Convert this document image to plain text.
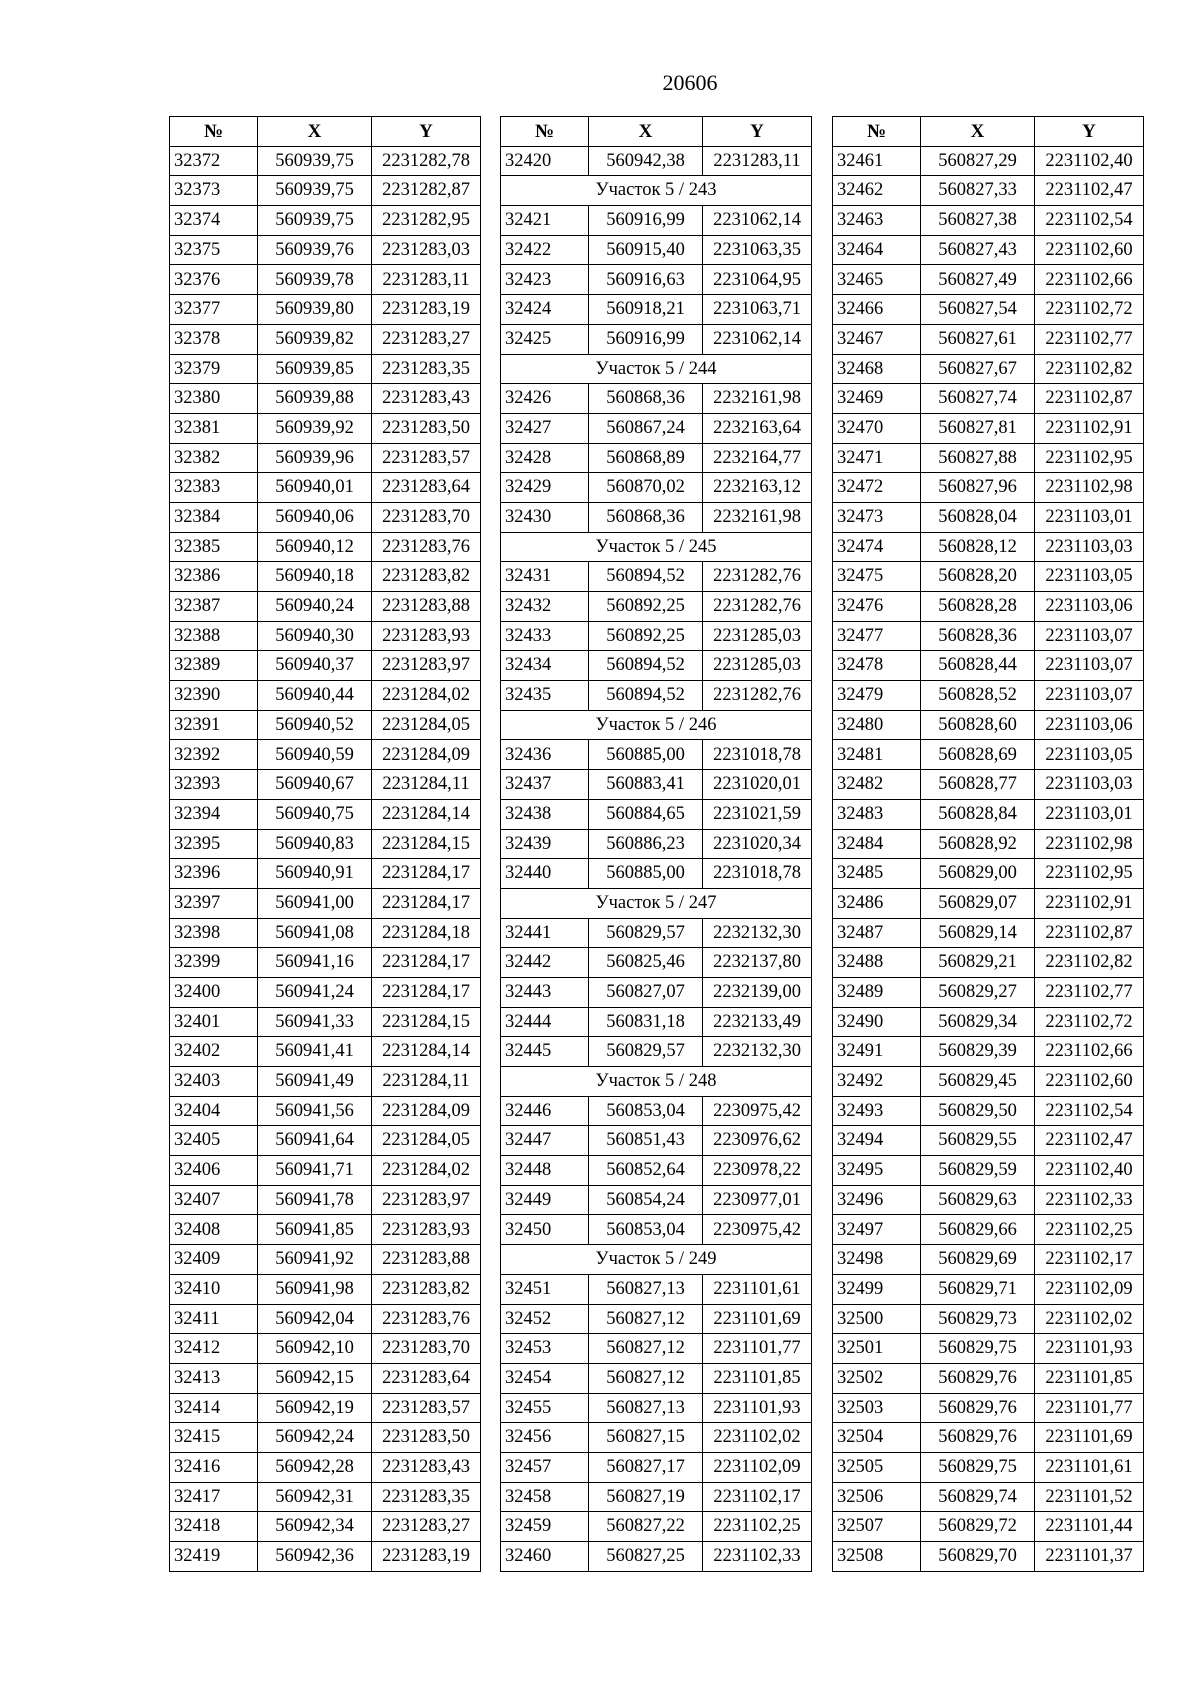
20606
№	X	Y
32372	560939,75	2231282,78
32373	560939,75	2231282,87
32374	560939,75	2231282,95
32375	560939,76	2231283,03
32376	560939,78	2231283,11
32377	560939,80	2231283,19
32378	560939,82	2231283,27
32379	560939,85	2231283,35
32380	560939,88	2231283,43
32381	560939,92	2231283,50
32382	560939,96	2231283,57
32383	560940,01	2231283,64
32384	560940,06	2231283,70
32385	560940,12	2231283,76
32386	560940,18	2231283,82
32387	560940,24	2231283,88
32388	560940,30	2231283,93
32389	560940,37	2231283,97
32390	560940,44	2231284,02
32391	560940,52	2231284,05
32392	560940,59	2231284,09
32393	560940,67	2231284,11
32394	560940,75	2231284,14
32395	560940,83	2231284,15
32396	560940,91	2231284,17
32397	560941,00	2231284,17
32398	560941,08	2231284,18
32399	560941,16	2231284,17
32400	560941,24	2231284,17
32401	560941,33	2231284,15
32402	560941,41	2231284,14
32403	560941,49	2231284,11
32404	560941,56	2231284,09
32405	560941,64	2231284,05
32406	560941,71	2231284,02
32407	560941,78	2231283,97
32408	560941,85	2231283,93
32409	560941,92	2231283,88
32410	560941,98	2231283,82
32411	560942,04	2231283,76
32412	560942,10	2231283,70
32413	560942,15	2231283,64
32414	560942,19	2231283,57
32415	560942,24	2231283,50
32416	560942,28	2231283,43
32417	560942,31	2231283,35
32418	560942,34	2231283,27
32419	560942,36	2231283,19
№	X	Y
32420	560942,38	2231283,11
Участок 5 / 243		
32421	560916,99	2231062,14
32422	560915,40	2231063,35
32423	560916,63	2231064,95
32424	560918,21	2231063,71
32425	560916,99	2231062,14
Участок 5 / 244		
32426	560868,36	2232161,98
32427	560867,24	2232163,64
32428	560868,89	2232164,77
32429	560870,02	2232163,12
32430	560868,36	2232161,98
Участок 5 / 245		
32431	560894,52	2231282,76
32432	560892,25	2231282,76
32433	560892,25	2231285,03
32434	560894,52	2231285,03
32435	560894,52	2231282,76
Участок 5 / 246		
32436	560885,00	2231018,78
32437	560883,41	2231020,01
32438	560884,65	2231021,59
32439	560886,23	2231020,34
32440	560885,00	2231018,78
Участок 5 / 247		
32441	560829,57	2232132,30
32442	560825,46	2232137,80
32443	560827,07	2232139,00
32444	560831,18	2232133,49
32445	560829,57	2232132,30
Участок 5 / 248		
32446	560853,04	2230975,42
32447	560851,43	2230976,62
32448	560852,64	2230978,22
32449	560854,24	2230977,01
32450	560853,04	2230975,42
Участок 5 / 249		
32451	560827,13	2231101,61
32452	560827,12	2231101,69
32453	560827,12	2231101,77
32454	560827,12	2231101,85
32455	560827,13	2231101,93
32456	560827,15	2231102,02
32457	560827,17	2231102,09
32458	560827,19	2231102,17
32459	560827,22	2231102,25
32460	560827,25	2231102,33
№	X	Y
32461	560827,29	2231102,40
32462	560827,33	2231102,47
32463	560827,38	2231102,54
32464	560827,43	2231102,60
32465	560827,49	2231102,66
32466	560827,54	2231102,72
32467	560827,61	2231102,77
32468	560827,67	2231102,82
32469	560827,74	2231102,87
32470	560827,81	2231102,91
32471	560827,88	2231102,95
32472	560827,96	2231102,98
32473	560828,04	2231103,01
32474	560828,12	2231103,03
32475	560828,20	2231103,05
32476	560828,28	2231103,06
32477	560828,36	2231103,07
32478	560828,44	2231103,07
32479	560828,52	2231103,07
32480	560828,60	2231103,06
32481	560828,69	2231103,05
32482	560828,77	2231103,03
32483	560828,84	2231103,01
32484	560828,92	2231102,98
32485	560829,00	2231102,95
32486	560829,07	2231102,91
32487	560829,14	2231102,87
32488	560829,21	2231102,82
32489	560829,27	2231102,77
32490	560829,34	2231102,72
32491	560829,39	2231102,66
32492	560829,45	2231102,60
32493	560829,50	2231102,54
32494	560829,55	2231102,47
32495	560829,59	2231102,40
32496	560829,63	2231102,33
32497	560829,66	2231102,25
32498	560829,69	2231102,17
32499	560829,71	2231102,09
32500	560829,73	2231102,02
32501	560829,75	2231101,93
32502	560829,76	2231101,85
32503	560829,76	2231101,77
32504	560829,76	2231101,69
32505	560829,75	2231101,61
32506	560829,74	2231101,52
32507	560829,72	2231101,44
32508	560829,70	2231101,37
